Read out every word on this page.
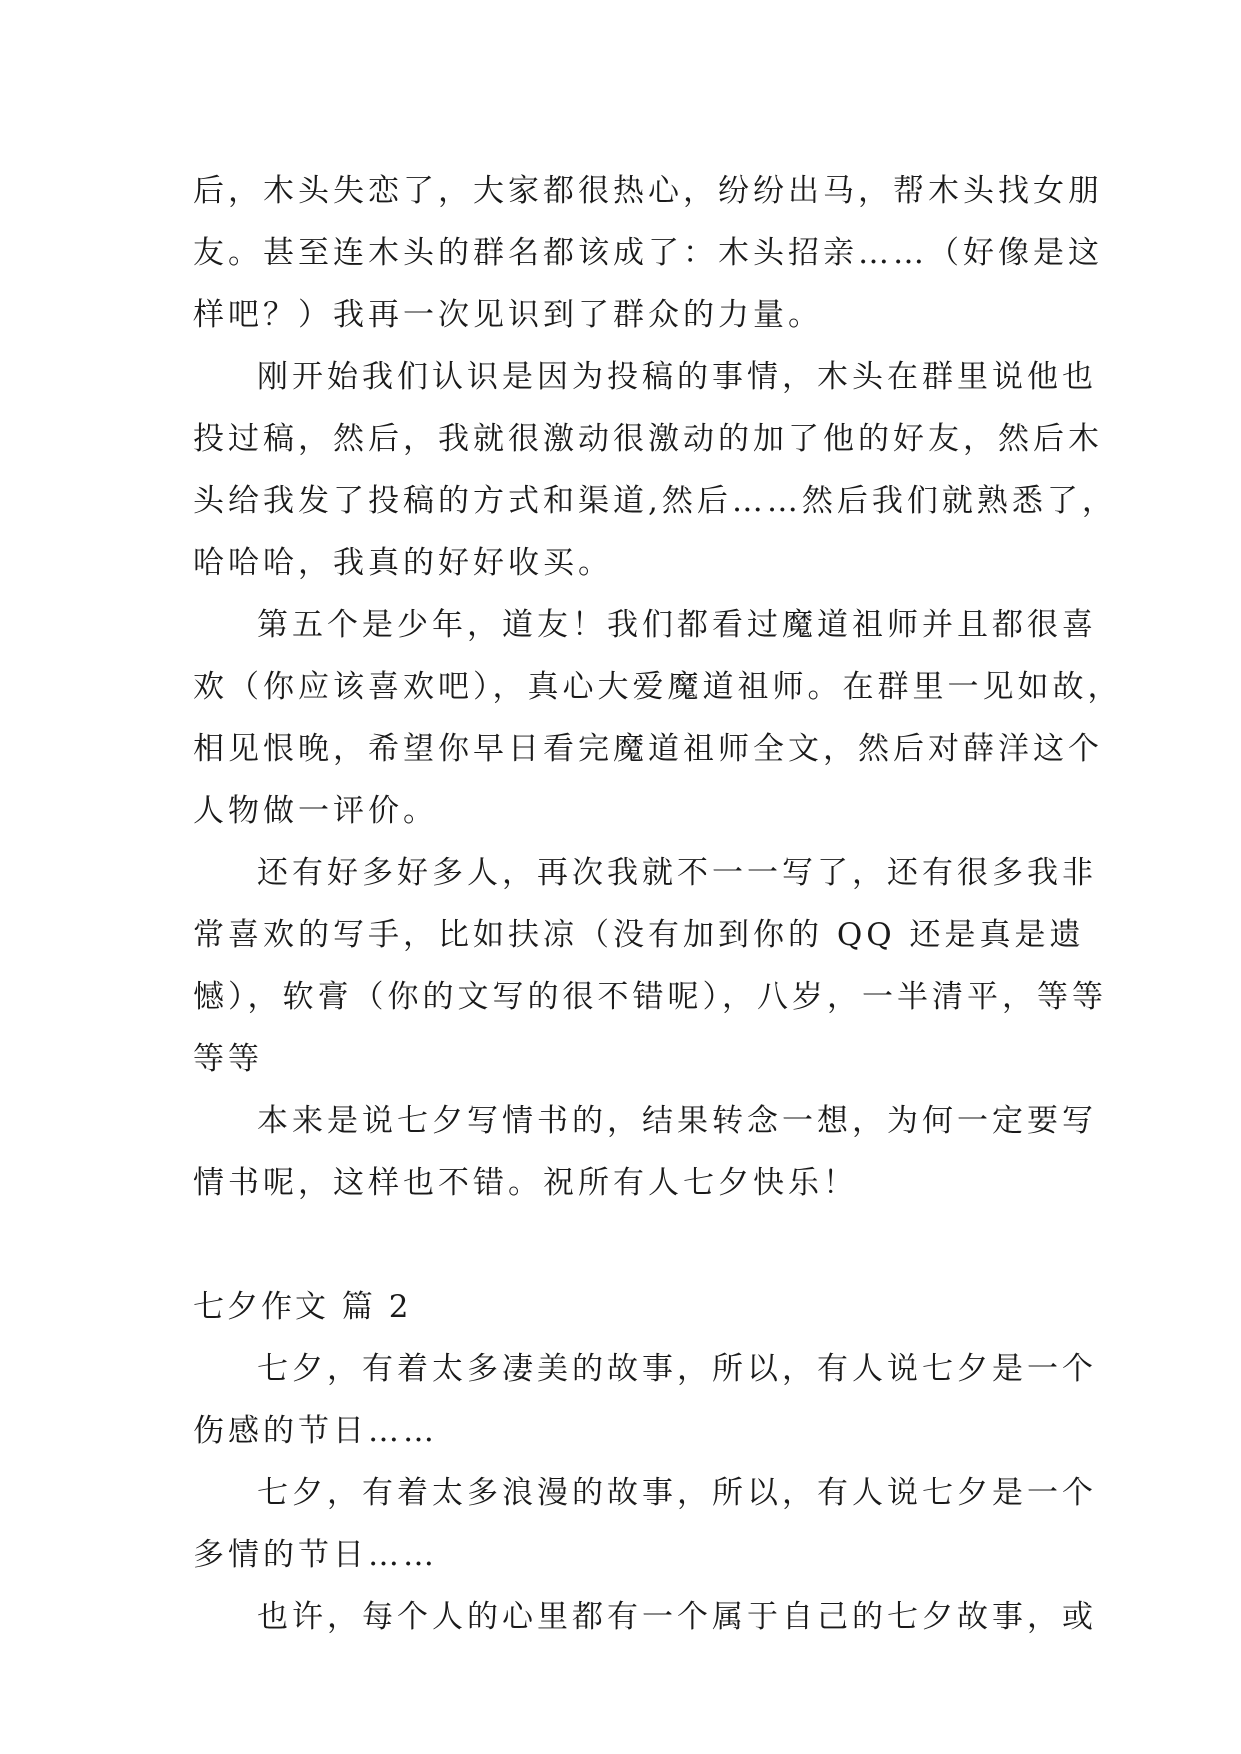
后，木头失恋了，大家都很热心，纷纷出马，帮木头找女朋
友。甚至连木头的群名都该成了：木头招亲……（好像是这
样吧？）我再一次见识到了群众的力量。
刚开始我们认识是因为投稿的事情，木头在群里说他也
投过稿，然后，我就很激动很激动的加了他的好友，然后木
头给我发了投稿的方式和渠道,然后……然后我们就熟悉了，
哈哈哈，我真的好好收买。
第五个是少年，道友！我们都看过魔道祖师并且都很喜
欢（你应该喜欢吧），真心大爱魔道祖师。在群里一见如故，
相见恨晚，希望你早日看完魔道祖师全文，然后对薛洋这个
人物做一评价。
还有好多好多人，再次我就不一一写了，还有很多我非
常喜欢的写手，比如扶凉（没有加到你的 QQ 还是真是遗
憾），软膏（你的文写的很不错呢），八岁，一半清平，等等
等等
本来是说七夕写情书的，结果转念一想，为何一定要写
情书呢，这样也不错。祝所有人七夕快乐！
七夕作文 篇 2
七夕，有着太多凄美的故事，所以，有人说七夕是一个
伤感的节日……
七夕，有着太多浪漫的故事，所以，有人说七夕是一个
多情的节日……
也许，每个人的心里都有一个属于自己的七夕故事，或
